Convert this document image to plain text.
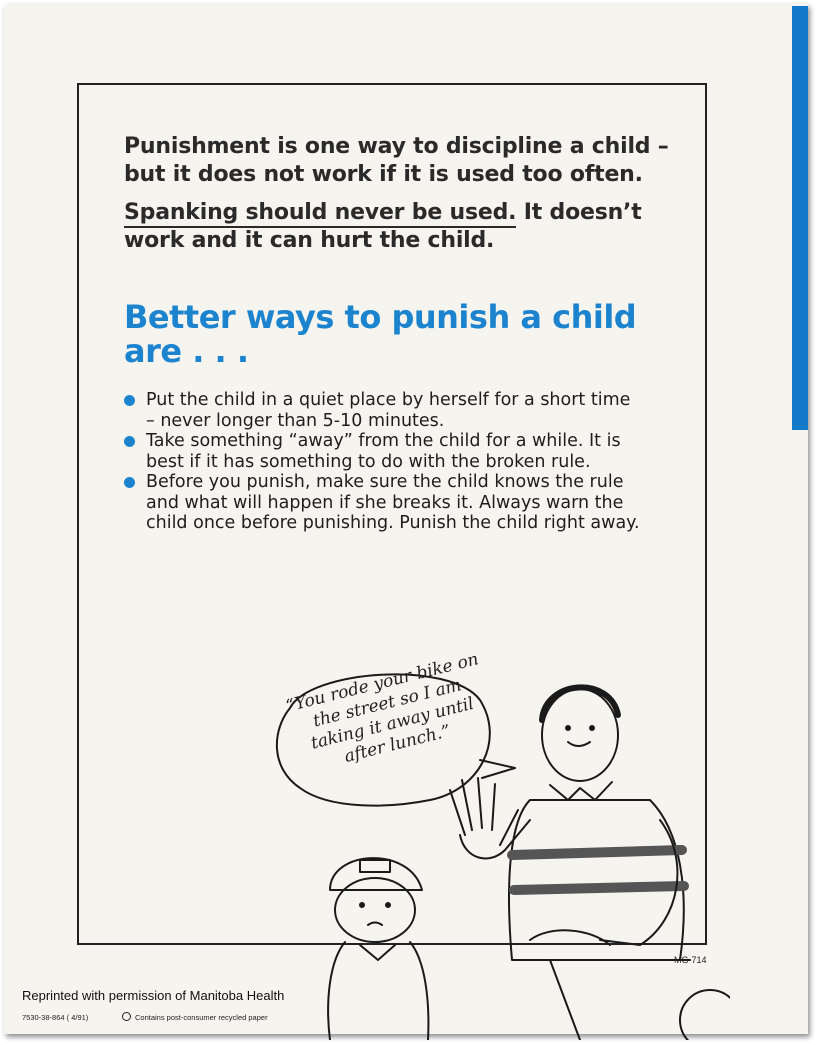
Punishment is one way to discipline a child – but it does not work if it is used too often.

Spanking should never be used. It doesn’t work and it can hurt the child.

Better ways to punish a child are . . .
Put the child in a quiet place by herself for a short time – never longer than 5-10 minutes.
Take something “away” from the child for a while. It is best if it has something to do with the broken rule.
Before you punish, make sure the child knows the rule and what will happen if she breaks it. Always warn the child once before punishing. Punish the child right away.
“You rode your bike on the street so I am taking it away until after lunch.”
MG-714
Reprinted with permission of Manitoba Health
7530-38-864 ( 4/91)	Contains post-consumer recycled paper
